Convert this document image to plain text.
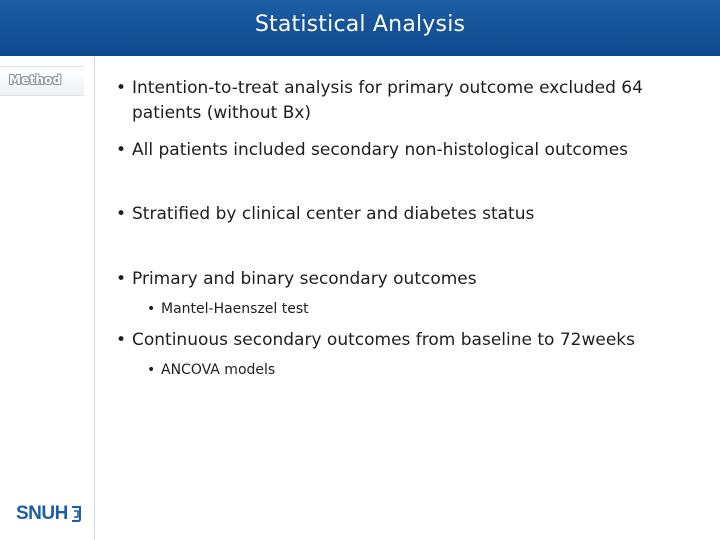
Statistical Analysis
Method	• Intention-to-treat analysis for primary outcome excluded 64 patients (without Bx)
• All patients included secondary non-histological outcomes
• Stratified by clinical center and diabetes status
• Primary and binary secondary outcomes
• Mantel-Haenszel test
• Continuous secondary outcomes from baseline to 72weeks
• ANCOVA models
SNUH
